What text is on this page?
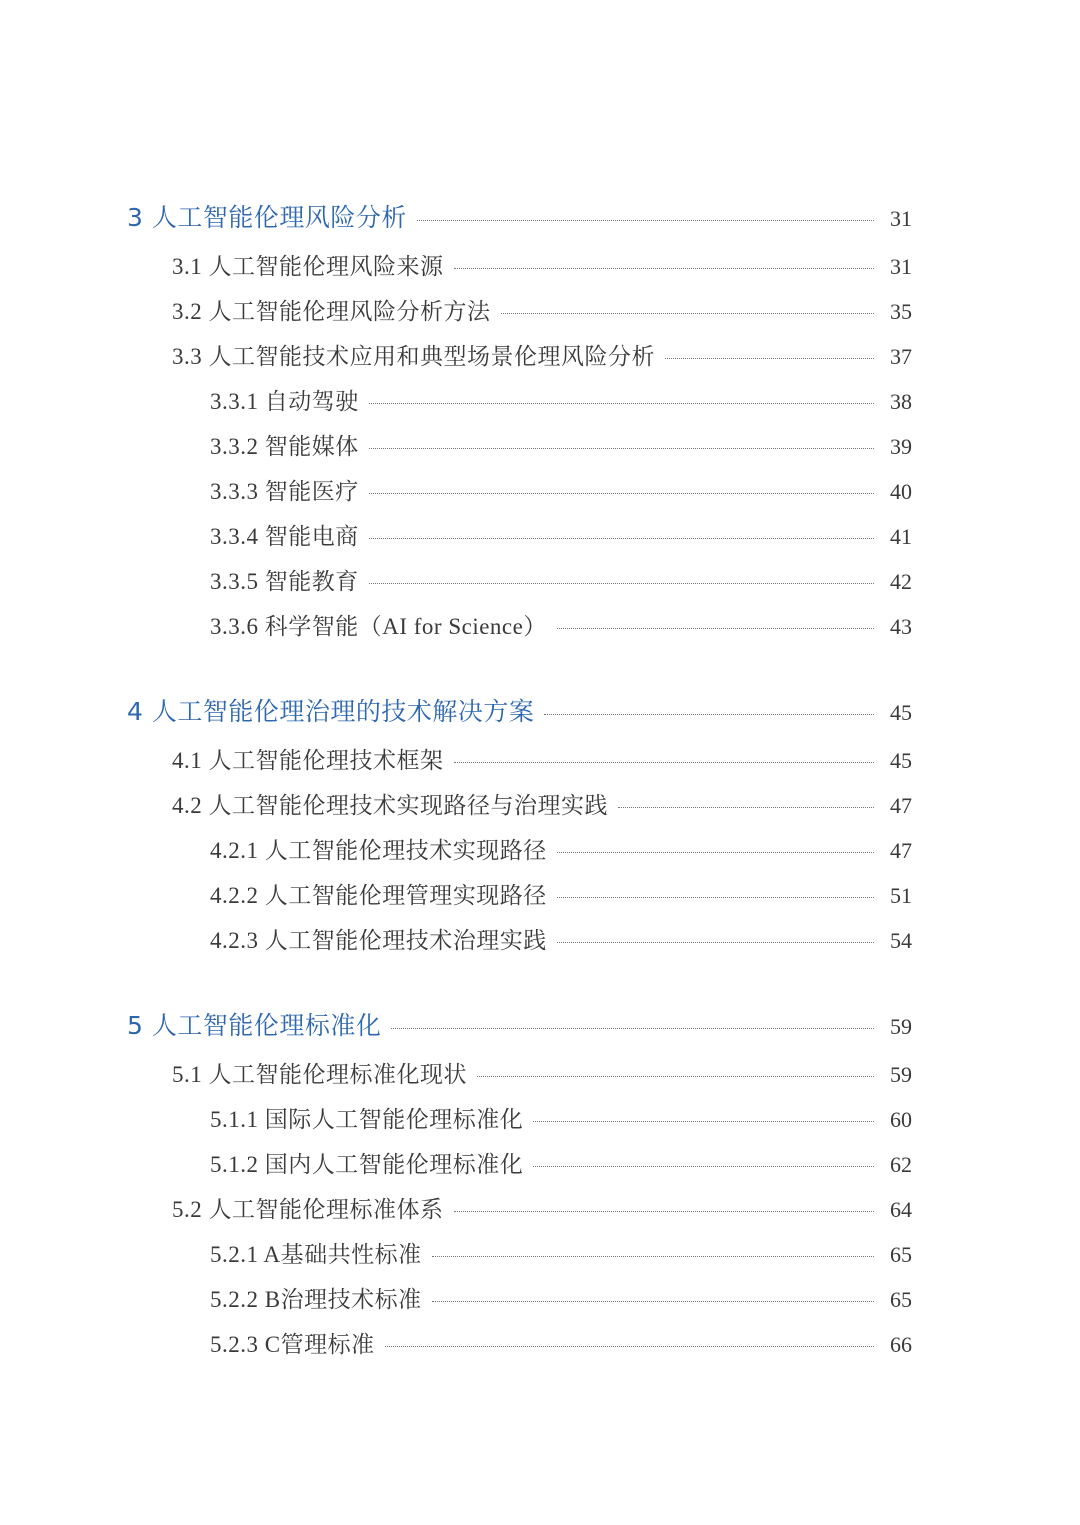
3 人工智能伦理风险分析	31
3.1 人工智能伦理风险来源	31
3.2 人工智能伦理风险分析方法	35
3.3 人工智能技术应用和典型场景伦理风险分析	37
3.3.1 自动驾驶	38
3.3.2 智能媒体	39
3.3.3 智能医疗	40
3.3.4 智能电商	41
3.3.5 智能教育	42
3.3.6 科学智能（AI for Science）	43
4 人工智能伦理治理的技术解决方案	45
4.1 人工智能伦理技术框架	45
4.2 人工智能伦理技术实现路径与治理实践	47
4.2.1 人工智能伦理技术实现路径	47
4.2.2 人工智能伦理管理实现路径	51
4.2.3 人工智能伦理技术治理实践	54
5 人工智能伦理标准化	59
5.1 人工智能伦理标准化现状	59
5.1.1 国际人工智能伦理标准化	60
5.1.2 国内人工智能伦理标准化	62
5.2 人工智能伦理标准体系	64
5.2.1 A基础共性标准	65
5.2.2 B治理技术标准	65
5.2.3 C管理标准	66
